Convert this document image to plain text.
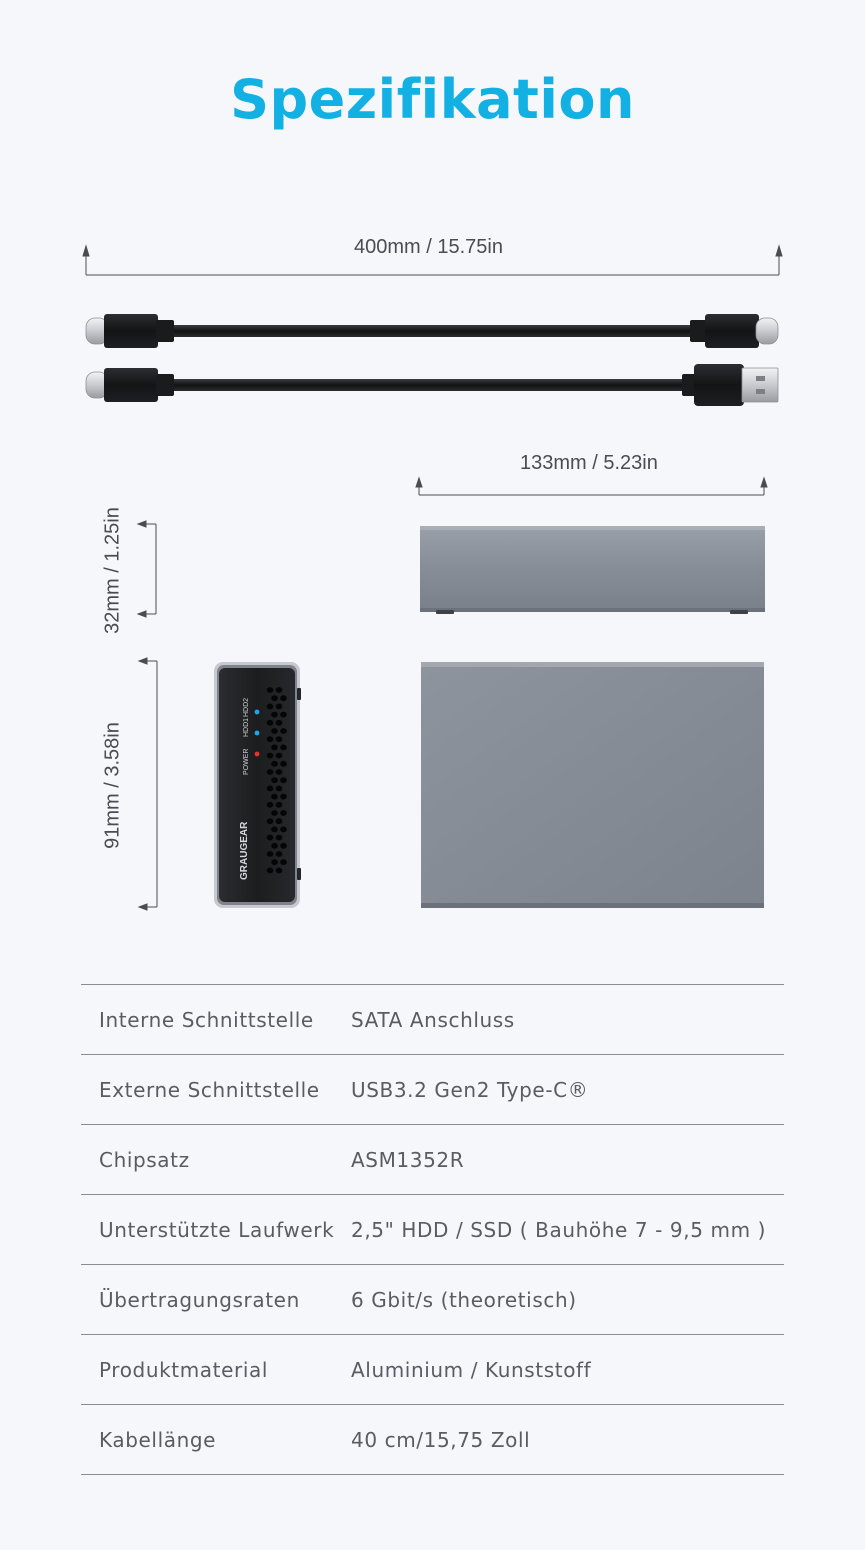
Spezifikation
400mm / 15.75in
133mm / 5.23in
32mm / 1.25in
91mm / 3.58in	POWER
HDD1
HDD2
GRAUGEAR
Interne Schnittstelle	SATA Anschluss
Externe Schnittstelle	USB3.2 Gen2 Type-C®
Chipsatz	ASM1352R
Unterstützte Laufwerk	2,5" HDD / SSD ( Bauhöhe 7 - 9,5 mm )
Übertragungsraten	6 Gbit/s (theoretisch)
Produktmaterial	Aluminium / Kunststoff
Kabellänge	40 cm/15,75 Zoll
